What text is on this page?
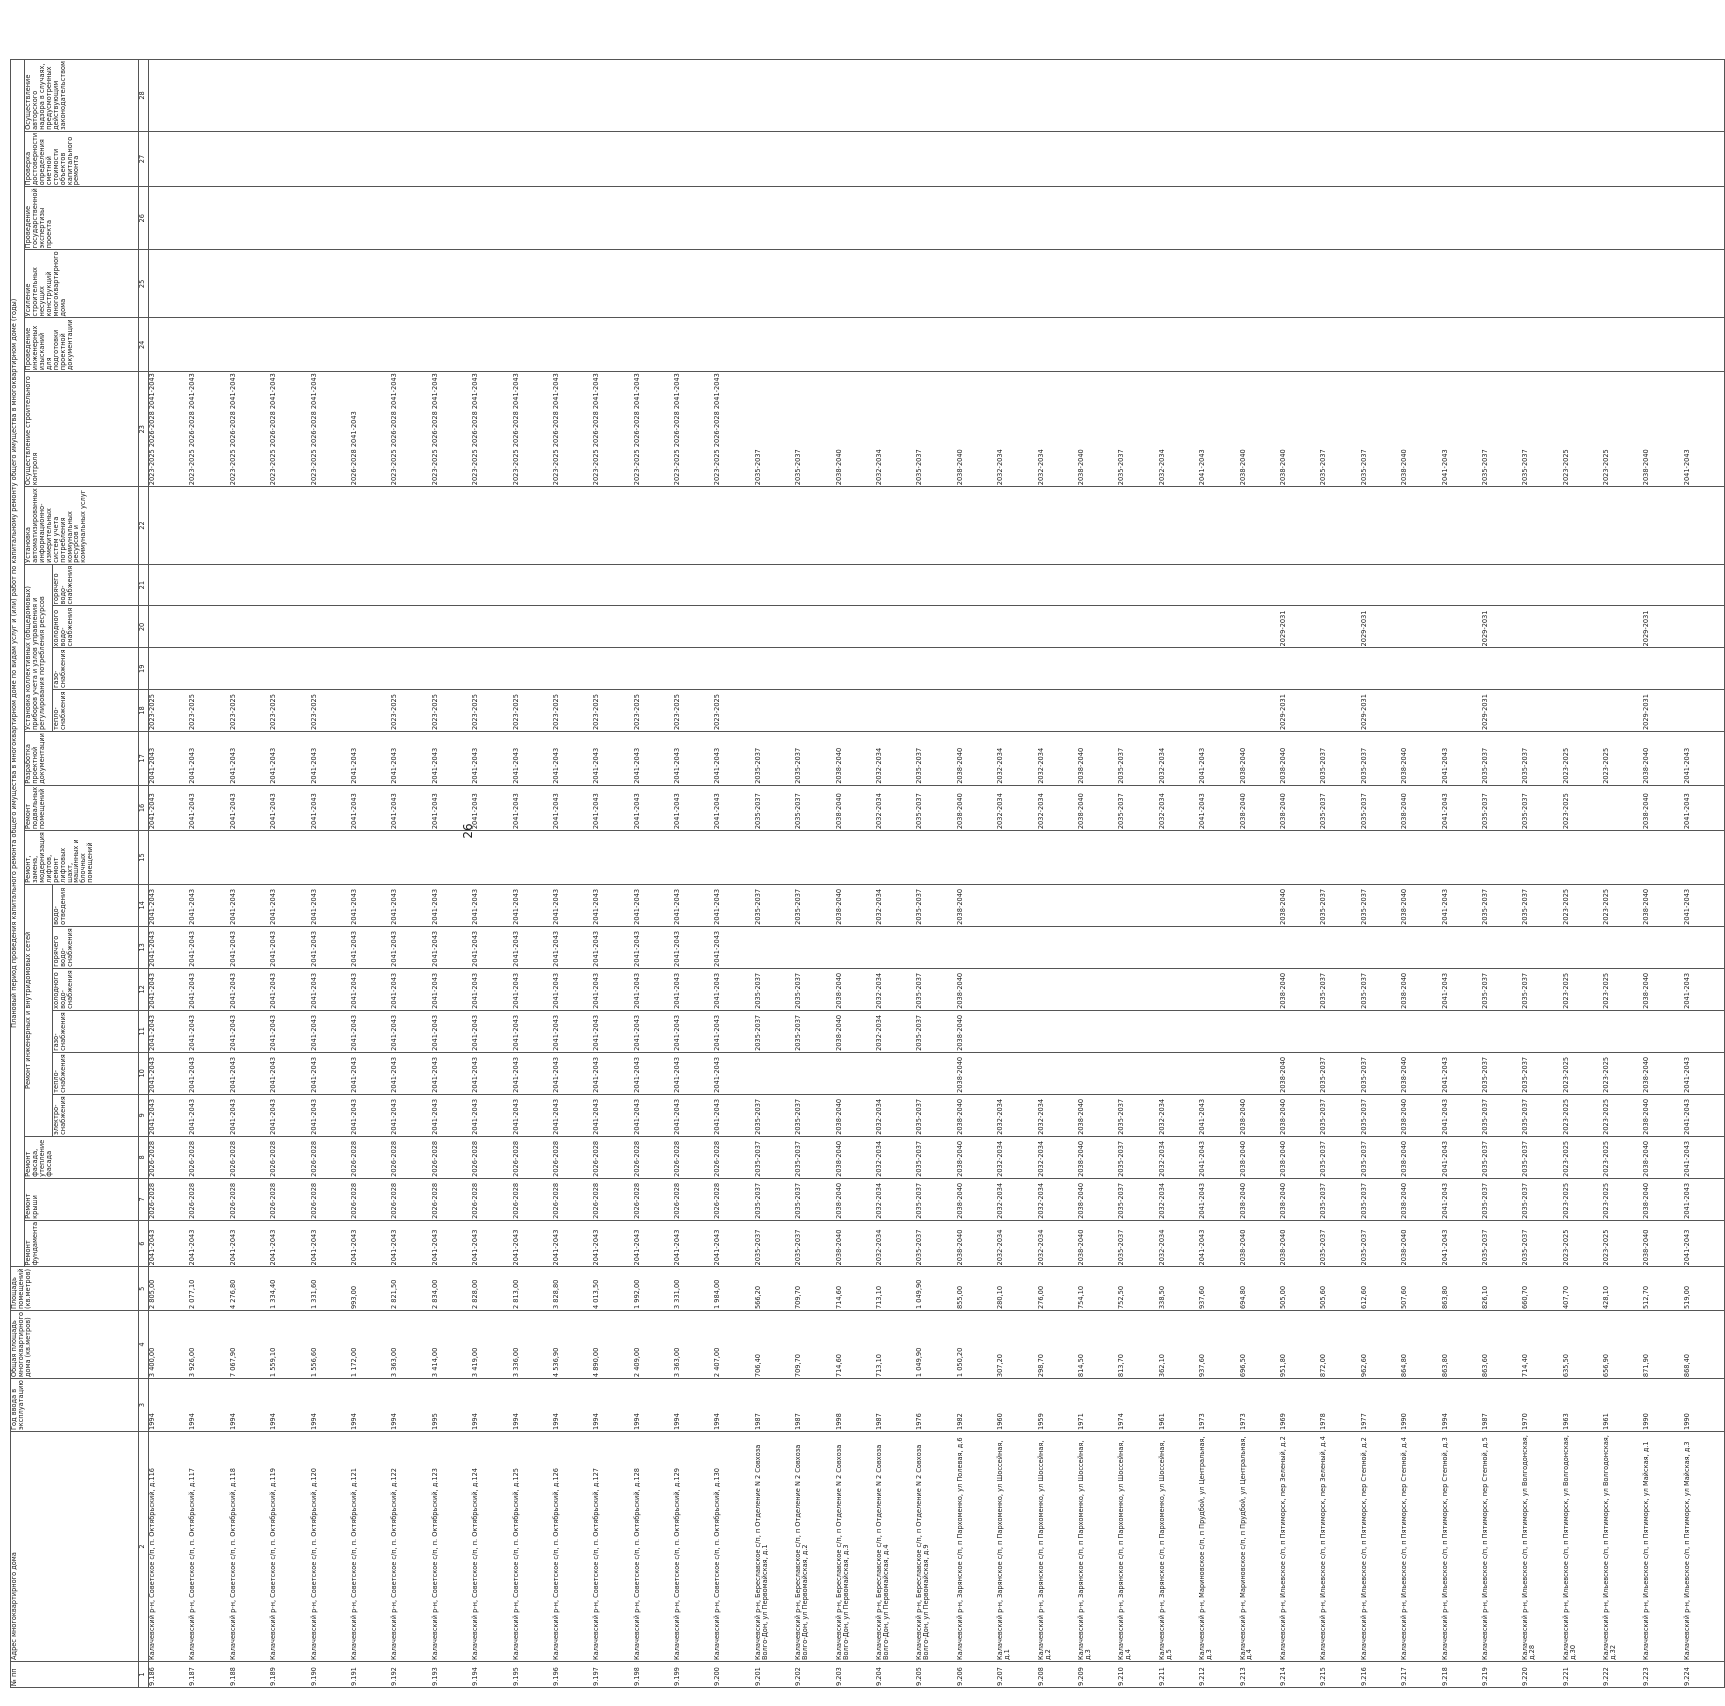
26
№ пп	Адрес многоквартирного дома	Год ввода в эксплуатацию	Общая площадь многоквартирного дома (кв.метров)	Площадь помещений (кв.метров)	Плановый период проведения капитального ремонта общего имущества в многоквартирном доме по видам услуг и (или) работ по капитальному ремонту общего имущества в многоквартирном доме (годы)																						
					Ремонт фундамента	Ремонт крыши	Ремонт фасада, утепление фасада	Ремонт инженерных и внутридомовых сетей						Ремонт, замена, модернизация лифтов, ремонт лифтовых шахт, машинных и блочных помещений	Ремонт подвальных помещений	Разработка проектной документации	Установка коллективных (общедомовых) приборов учета и узлов управления и регулирования потребления ресурсов				Установка автоматизированных информационно-измерительных систем учета потребления коммунальных ресурсов и коммунальных услуг	Осуществление строительного контроля	Проведение инженерных изысканий для подготовки проектной документации	Усиление строительных несущих конструкций многоквартирного дома	Проведение государственной экспертизы проекта	Проверка достоверности определения сметной стоимости объектов капитального ремонта	Осуществление авторского надзора в случаях, предусмотренных действующим законодательством

								электро-снабжения	тепло-снабжения	газо-снабжения	холодного водо-снабжения	горячего водо-снабжения	водо-отведения				тепло-снабжения	газо-снабжения	холодного водо-снабжения	горячего водо-снабжения							
1	2	3	4	5	6	7	8	9	10	11	12	13	14	15	16	17	18	19	20	21	22	23	24	25	26	27	28
9.186	Калачевский р-н, Советское с/п, п. Октябрьский, д.116	1994	3 400,00	2 805,00	2041-2043	2026-2028	2026-2028	2041-2043	2041-2043	2041-2043	2041-2043	2041-2043	2041-2043		2041-2043	2041-2043	2023-2025					2023-2025 2026-2028 2041-2043					
9.187	Калачевский р-н, Советское с/п, п. Октябрьский, д.117	1994	3 926,00	2 077,10	2041-2043	2026-2028	2026-2028	2041-2043	2041-2043	2041-2043	2041-2043	2041-2043	2041-2043		2041-2043	2041-2043	2023-2025					2023-2025 2026-2028 2041-2043					
9.188	Калачевский р-н, Советское с/п, п. Октябрьский, д.118	1994	7 067,90	4 276,80	2041-2043	2026-2028	2026-2028	2041-2043	2041-2043	2041-2043	2041-2043	2041-2043	2041-2043		2041-2043	2041-2043	2023-2025					2023-2025 2026-2028 2041-2043					
9.189	Калачевский р-н, Советское с/п, п. Октябрьский, д.119	1994	1 559,10	1 334,40	2041-2043	2026-2028	2026-2028	2041-2043	2041-2043	2041-2043	2041-2043	2041-2043	2041-2043		2041-2043	2041-2043	2023-2025					2023-2025 2026-2028 2041-2043					
9.190	Калачевский р-н, Советское с/п, п. Октябрьский, д.120	1994	1 556,60	1 331,60	2041-2043	2026-2028	2026-2028	2041-2043	2041-2043	2041-2043	2041-2043	2041-2043	2041-2043		2041-2043	2041-2043	2023-2025					2023-2025 2026-2028 2041-2043					
9.191	Калачевский р-н, Советское с/п, п. Октябрьский, д.121	1994	1 172,00	993,00	2041-2043	2026-2028	2026-2028	2041-2043	2041-2043	2041-2043	2041-2043	2041-2043	2041-2043		2041-2043	2041-2043						2026-2028 2041-2043					
9.192	Калачевский р-н, Советское с/п, п. Октябрьский, д.122	1994	3 363,00	2 821,50	2041-2043	2026-2028	2026-2028	2041-2043	2041-2043	2041-2043	2041-2043	2041-2043	2041-2043		2041-2043	2041-2043	2023-2025					2023-2025 2026-2028 2041-2043					
9.193	Калачевский р-н, Советское с/п, п. Октябрьский, д.123	1995	3 414,00	2 834,00	2041-2043	2026-2028	2026-2028	2041-2043	2041-2043	2041-2043	2041-2043	2041-2043	2041-2043		2041-2043	2041-2043	2023-2025					2023-2025 2026-2028 2041-2043					
9.194	Калачевский р-н, Советское с/п, п. Октябрьский, д.124	1994	3 419,00	2 828,00	2041-2043	2026-2028	2026-2028	2041-2043	2041-2043	2041-2043	2041-2043	2041-2043	2041-2043		2041-2043	2041-2043	2023-2025					2023-2025 2026-2028 2041-2043					
9.195	Калачевский р-н, Советское с/п, п. Октябрьский, д.125	1994	3 336,00	2 813,00	2041-2043	2026-2028	2026-2028	2041-2043	2041-2043	2041-2043	2041-2043	2041-2043	2041-2043		2041-2043	2041-2043	2023-2025					2023-2025 2026-2028 2041-2043					
9.196	Калачевский р-н, Советское с/п, п. Октябрьский, д.126	1994	4 536,90	3 828,80	2041-2043	2026-2028	2026-2028	2041-2043	2041-2043	2041-2043	2041-2043	2041-2043	2041-2043		2041-2043	2041-2043	2023-2025					2023-2025 2026-2028 2041-2043					
9.197	Калачевский р-н, Советское с/п, п. Октябрьский, д.127	1994	4 890,00	4 013,50	2041-2043	2026-2028	2026-2028	2041-2043	2041-2043	2041-2043	2041-2043	2041-2043	2041-2043		2041-2043	2041-2043	2023-2025					2023-2025 2026-2028 2041-2043					
9.198	Калачевский р-н, Советское с/п, п. Октябрьский, д.128	1994	2 409,00	1 992,00	2041-2043	2026-2028	2026-2028	2041-2043	2041-2043	2041-2043	2041-2043	2041-2043	2041-2043		2041-2043	2041-2043	2023-2025					2023-2025 2026-2028 2041-2043					
9.199	Калачевский р-н, Советское с/п, п. Октябрьский, д.129	1994	3 363,00	3 331,00	2041-2043	2026-2028	2026-2028	2041-2043	2041-2043	2041-2043	2041-2043	2041-2043	2041-2043		2041-2043	2041-2043	2023-2025					2023-2025 2026-2028 2041-2043					
9.200	Калачевский р-н, Советское с/п, п. Октябрьский, д.130	1994	2 407,00	1 984,00	2041-2043	2026-2028	2026-2028	2041-2043	2041-2043	2041-2043	2041-2043	2041-2043	2041-2043		2041-2043	2041-2043	2023-2025					2023-2025 2026-2028 2041-2043					
9.201	Калачевский р-н, Береславское с/п, п Отделение N 2 Совхоза Волго-Дон, ул Первомайская, д.1	1987	706,40	566,20	2035-2037	2035-2037	2035-2037	2035-2037		2035-2037	2035-2037		2035-2037		2035-2037	2035-2037						2035-2037					
9.202	Калачевский р-н, Береславское с/п, п Отделение N 2 Совхоза Волго-Дон, ул Первомайская, д.2	1987	709,70	709,70	2035-2037	2035-2037	2035-2037	2035-2037		2035-2037	2035-2037		2035-2037		2035-2037	2035-2037						2035-2037					
9.203	Калачевский р-н, Береславское с/п, п Отделение N 2 Совхоза Волго-Дон, ул Первомайская, д.3	1998	714,60	714,60	2038-2040	2038-2040	2038-2040	2038-2040		2038-2040	2038-2040		2038-2040		2038-2040	2038-2040						2038-2040					
9.204	Калачевский р-н, Береславское с/п, п Отделение N 2 Совхоза Волго-Дон, ул Первомайская, д.4	1987	713,10	713,10	2032-2034	2032-2034	2032-2034	2032-2034		2032-2034	2032-2034		2032-2034		2032-2034	2032-2034						2032-2034					
9.205	Калачевский р-н, Береславское с/п, п Отделение N 2 Совхоза Волго-Дон, ул Первомайская, д.9	1976	1 049,90	1 049,90	2035-2037	2035-2037	2035-2037	2035-2037		2035-2037	2035-2037		2035-2037		2035-2037	2035-2037						2035-2037					
9.206	Калачевский р-н, Зарянское с/п, п Пархоменко, ул Полевая, д.6	1982	1 050,20	855,00	2038-2040	2038-2040	2038-2040	2038-2040	2038-2040	2038-2040	2038-2040		2038-2040		2038-2040	2038-2040						2038-2040					
9.207	Калачевский р-н, Зарянское с/п, п Пархоменко, ул Шоссейная, д.1	1960	307,20	280,10	2032-2034	2032-2034	2032-2034	2032-2034							2032-2034	2032-2034						2032-2034					
9.208	Калачевский р-н, Зарянское с/п, п Пархоменко, ул Шоссейная, д.2	1959	298,70	276,00	2032-2034	2032-2034	2032-2034	2032-2034							2032-2034	2032-2034						2032-2034					
9.209	Калачевский р-н, Зарянское с/п, п Пархоменко, ул Шоссейная, д.3	1971	814,50	754,10	2038-2040	2038-2040	2038-2040	2038-2040							2038-2040	2038-2040						2038-2040					
9.210	Калачевский р-н, Зарянское с/п, п Пархоменко, ул Шоссейная, д.4	1974	813,70	752,50	2035-2037	2035-2037	2035-2037	2035-2037							2035-2037	2035-2037						2035-2037					
9.211	Калачевский р-н, Зарянское с/п, п Пархоменко, ул Шоссейная, д.5	1961	362,10	338,50	2032-2034	2032-2034	2032-2034	2032-2034							2032-2034	2032-2034						2032-2034					
9.212	Калачевский р-н, Мариновское с/п, п Прудбой, ул Центральная, д.3	1973	937,60	937,60	2041-2043	2041-2043	2041-2043	2041-2043							2041-2043	2041-2043						2041-2043					
9.213	Калачевский р-н, Мариновское с/п, п Прудбой, ул Центральная, д.4	1973	696,50	694,80	2038-2040	2038-2040	2038-2040	2038-2040							2038-2040	2038-2040						2038-2040					
9.214	Калачевский р-н, Ильевское с/п, п Пятиморск, пер Зеленый, д.2	1969	951,80	505,00	2038-2040	2038-2040	2038-2040	2038-2040	2038-2040		2038-2040		2038-2040		2038-2040	2038-2040	2029-2031		2029-2031			2038-2040					
9.215	Калачевский р-н, Ильевское с/п, п Пятиморск, пер Зеленый, д.4	1978	872,00	505,60	2035-2037	2035-2037	2035-2037	2035-2037	2035-2037		2035-2037		2035-2037		2035-2037	2035-2037						2035-2037					
9.216	Калачевский р-н, Ильевское с/п, п Пятиморск, пер Степной, д.2	1977	962,60	612,60	2035-2037	2035-2037	2035-2037	2035-2037	2035-2037		2035-2037		2035-2037		2035-2037	2035-2037	2029-2031		2029-2031			2035-2037					
9.217	Калачевский р-н, Ильевское с/п, п Пятиморск, пер Степной, д.4	1990	864,80	507,60	2038-2040	2038-2040	2038-2040	2038-2040	2038-2040		2038-2040		2038-2040		2038-2040	2038-2040						2038-2040					
9.218	Калачевский р-н, Ильевское с/п, п Пятиморск, пер Степной, д.3	1994	863,80	863,80	2041-2043	2041-2043	2041-2043	2041-2043	2041-2043		2041-2043		2041-2043		2041-2043	2041-2043						2041-2043					
9.219	Калачевский р-н, Ильевское с/п, п Пятиморск, пер Степной, д.5	1987	863,60	826,10	2035-2037	2035-2037	2035-2037	2035-2037	2035-2037		2035-2037		2035-2037		2035-2037	2035-2037	2029-2031		2029-2031			2035-2037					
9.220	Калачевский р-н, Ильевское с/п, п Пятиморск, ул Волгодонская, д.28	1970	714,40	660,70	2035-2037	2035-2037	2035-2037	2035-2037	2035-2037		2035-2037		2035-2037		2035-2037	2035-2037						2035-2037					
9.221	Калачевский р-н, Ильевское с/п, п Пятиморск, ул Волгодонская, д.30	1963	635,50	407,70	2023-2025	2023-2025	2023-2025	2023-2025	2023-2025		2023-2025		2023-2025		2023-2025	2023-2025						2023-2025					
9.222	Калачевский р-н, Ильевское с/п, п Пятиморск, ул Волгодонская, д.32	1961	656,90	428,10	2023-2025	2023-2025	2023-2025	2023-2025	2023-2025		2023-2025		2023-2025			2023-2025						2023-2025					
9.223	Калачевский р-н, Ильевское с/п, п Пятиморск, ул Майская, д.1	1990	871,90	512,70	2038-2040	2038-2040	2038-2040	2038-2040	2038-2040		2038-2040		2038-2040		2038-2040	2038-2040	2029-2031		2029-2031			2038-2040					
9.224	Калачевский р-н, Ильевское с/п, п Пятиморск, ул Майская, д.3	1990	868,40	519,00	2041-2043	2041-2043	2041-2043	2041-2043	2041-2043		2041-2043		2041-2043		2041-2043	2041-2043						2041-2043					
